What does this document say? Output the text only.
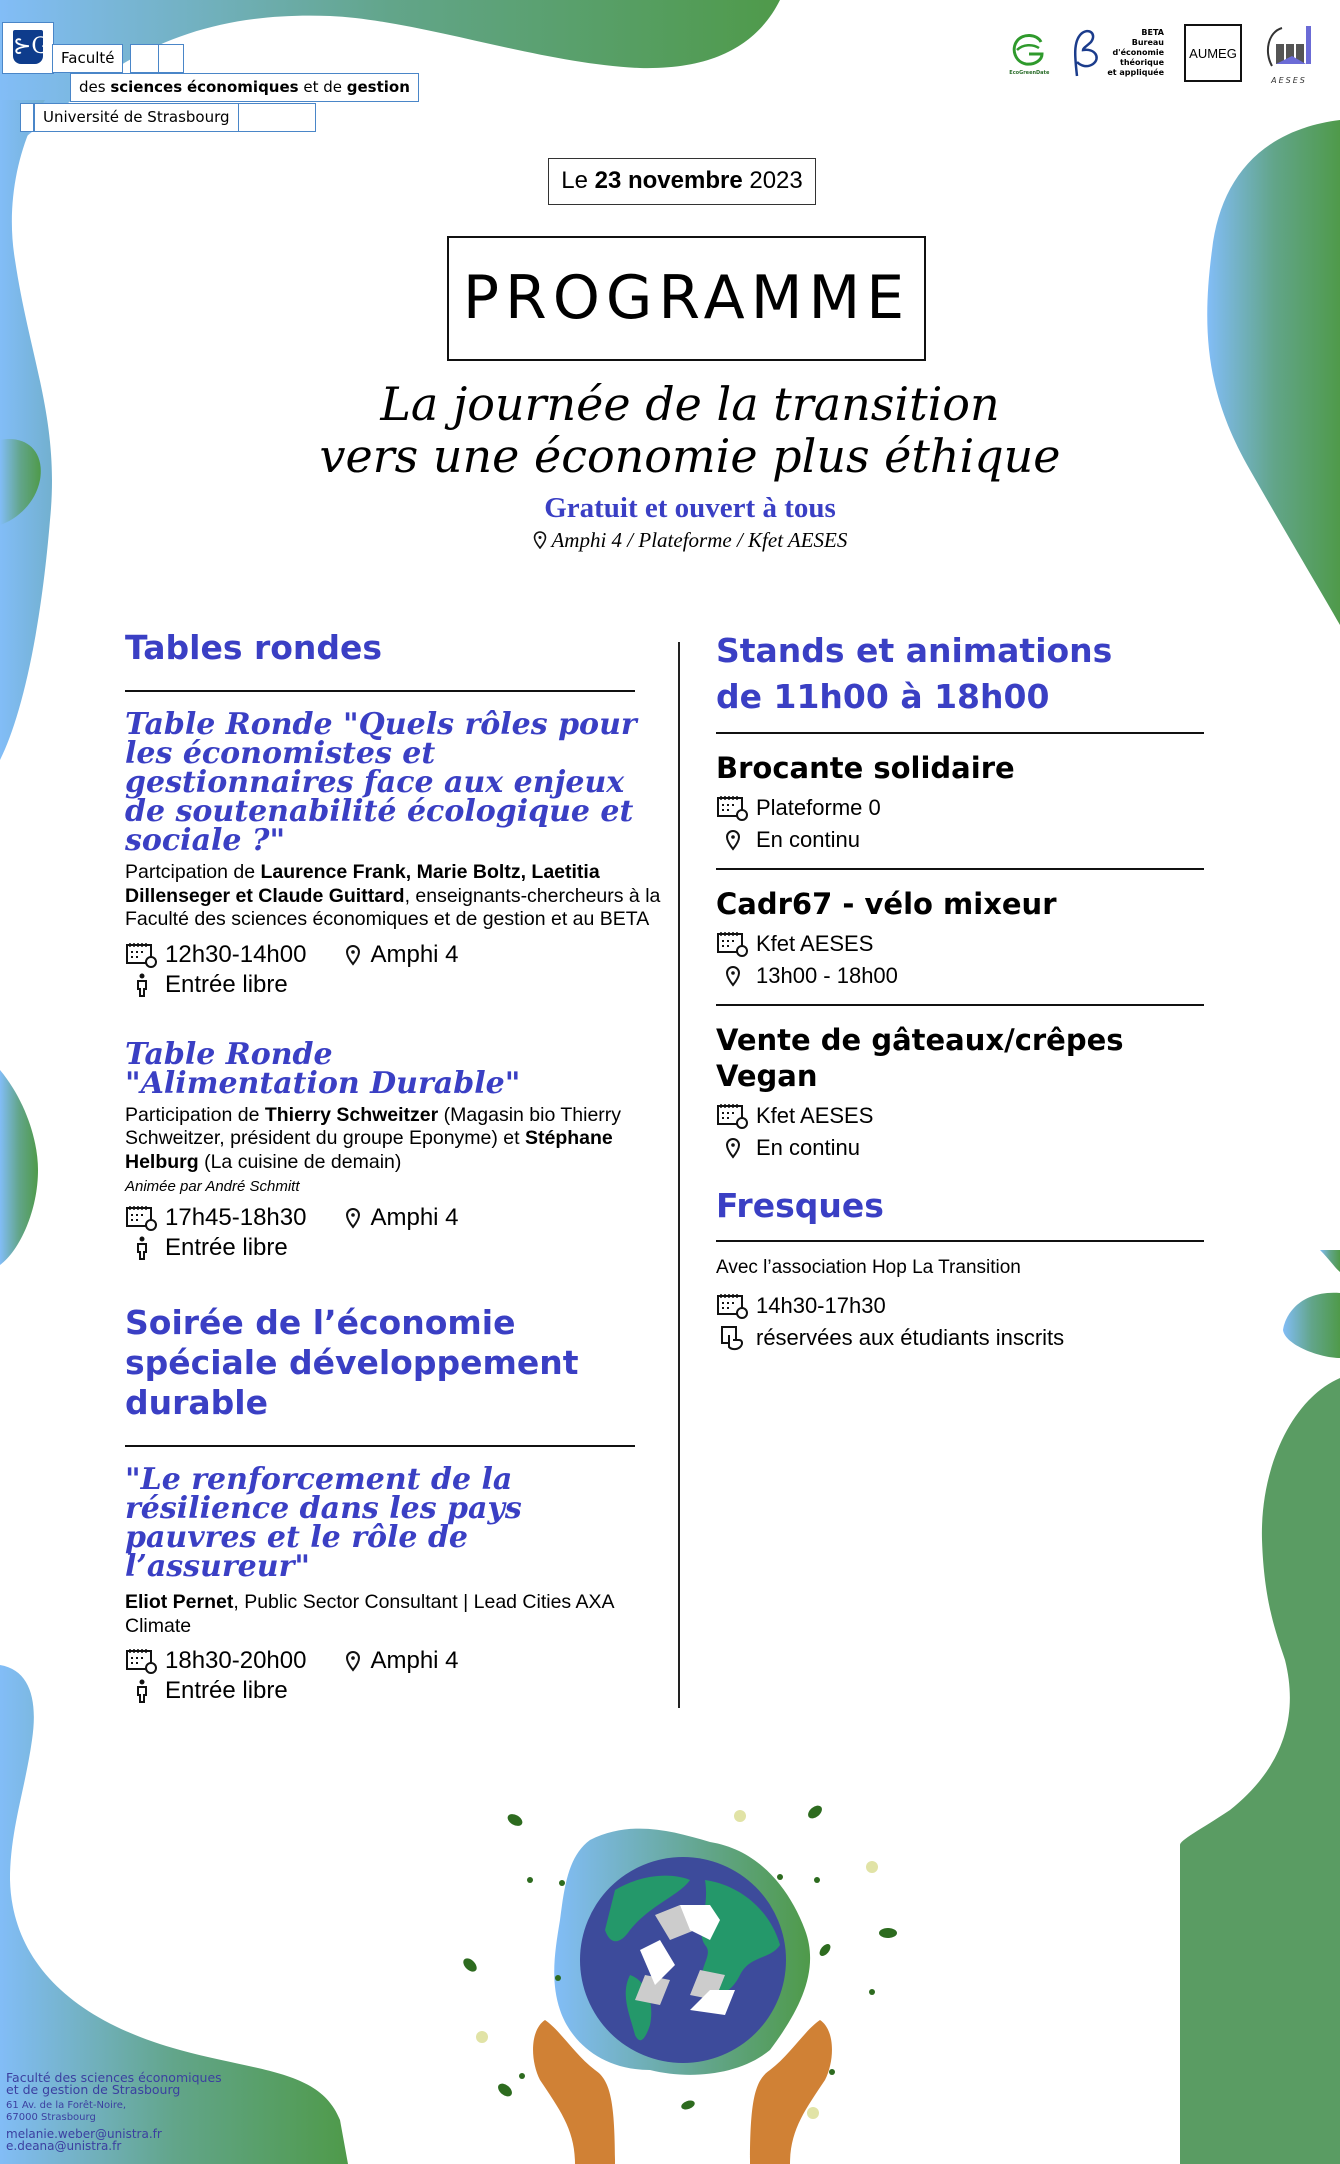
⊱G Faculté
des sciences économiques et de gestion
Université de Strasbourg
EcoGreenDate
BETA
Bureau
d'économie
théorique
et appliquée
AUMEG
AESES
Le 23 novembre 2023
PROGRAMME
La journée de la transition
vers une économie plus éthique
Gratuit et ouvert à tous
Amphi 4 / Plateforme / Kfet AESES
Tables rondes
Table Ronde "Quels rôles pour les économistes et gestionnaires face aux enjeux de soutenabilité écologique et sociale ?"

Partcipation de Laurence Frank, Marie Boltz, Laetitia Dillenseger et Claude Guittard, enseignants-chercheurs à la Faculté des sciences économiques et de gestion et au BETA

12h30-14h00	Amphi 4
Entrée libre
Table Ronde "Alimentation Durable"

Participation de Thierry Schweitzer (Magasin bio Thierry Schweitzer, président du groupe Eponyme) et Stéphane Helburg (La cuisine de demain)

Animée par André Schmitt

17h45-18h30	Amphi 4
Entrée libre
Soirée de l’économie spéciale développement durable
"Le renforcement de la résilience dans les pays pauvres et le rôle de l’assureur"

Eliot Pernet, Public Sector Consultant | Lead Cities AXA Climate

18h30-20h00	Amphi 4
Entrée libre
Stands et animations
de 11h00 à 18h00
Brocante solidaire
Plateforme 0
En continu
Cadr67 - vélo mixeur
Kfet AESES
13h00 - 18h00
Vente de gâteaux/crêpes Vegan
Kfet AESES
En continu
Fresques

Avec l’association Hop La Transition

14h30-17h30
réservées aux étudiants inscrits
Faculté des sciences économiques
et de gestion de Strasbourg
61 Av. de la Forêt-Noire,
67000 Strasbourg
melanie.weber@unistra.fr
e.deana@unistra.fr
